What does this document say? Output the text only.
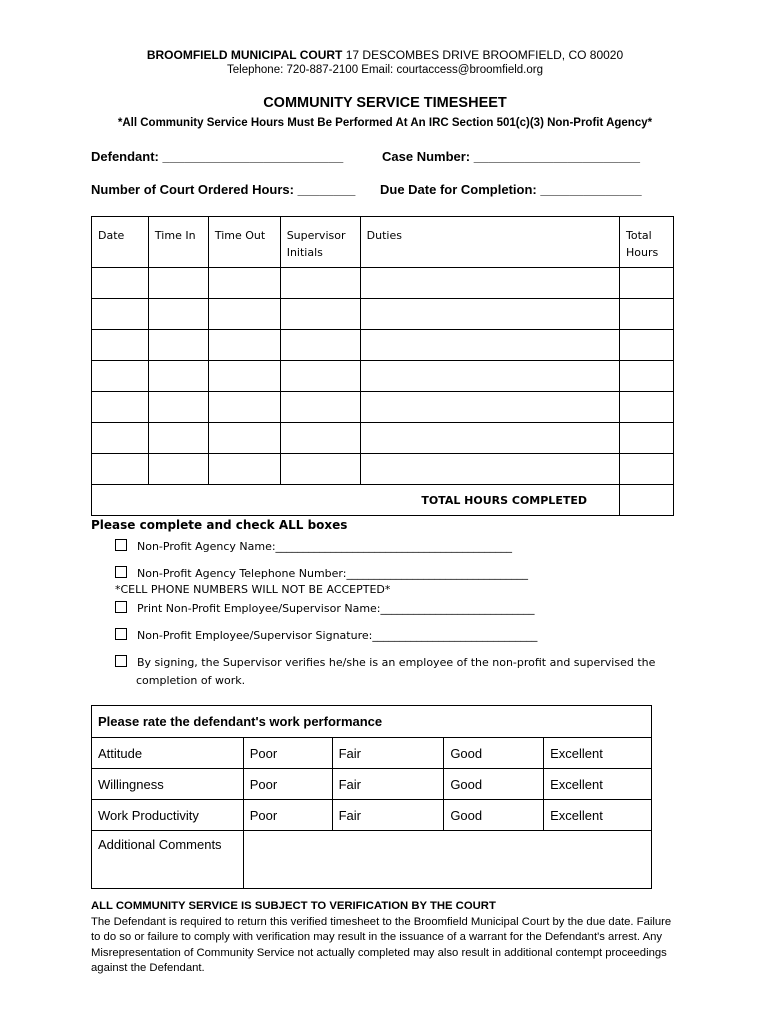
BROOMFIELD MUNICIPAL COURT 17 DESCOMBES DRIVE BROOMFIELD, CO 80020
Telephone: 720-887-2100 Email: courtaccess@broomfield.org
COMMUNITY SERVICE TIMESHEET
*All Community Service Hours Must Be Performed At An IRC Section 501(c)(3) Non-Profit Agency*
Defendant: _________________________	Case Number: _______________________
Number of Court Ordered Hours: ________ Due Date for Completion: ______________
Date	Time In	Time Out	Supervisor Initials	Duties	Total Hours

TOTAL HOURS COMPLETED					
Please complete and check ALL boxes
Non-Profit Agency Name:___________________________________________
Non-Profit Agency Telephone Number:_________________________________
*CELL PHONE NUMBERS WILL NOT BE ACCEPTED*
Print Non-Profit Employee/Supervisor Name:____________________________
Non-Profit Employee/Supervisor Signature:______________________________
By signing, the Supervisor verifies he/she is an employee of the non-profit and supervised the
completion of work.
Please rate the defendant's work performance				
Attitude	Poor	Fair	Good	Excellent
Willingness	Poor	Fair	Good	Excellent
Work Productivity	Poor	Fair	Good	Excellent
Additional Comments				
ALL COMMUNITY SERVICE IS SUBJECT TO VERIFICATION BY THE COURT
The Defendant is required to return this verified timesheet to the Broomfield Municipal Court by the due date. Failure to do so or failure to comply with verification may result in the issuance of a warrant for the Defendant's arrest. Any Misrepresentation of Community Service not actually completed may also result in additional contempt proceedings against the Defendant.
